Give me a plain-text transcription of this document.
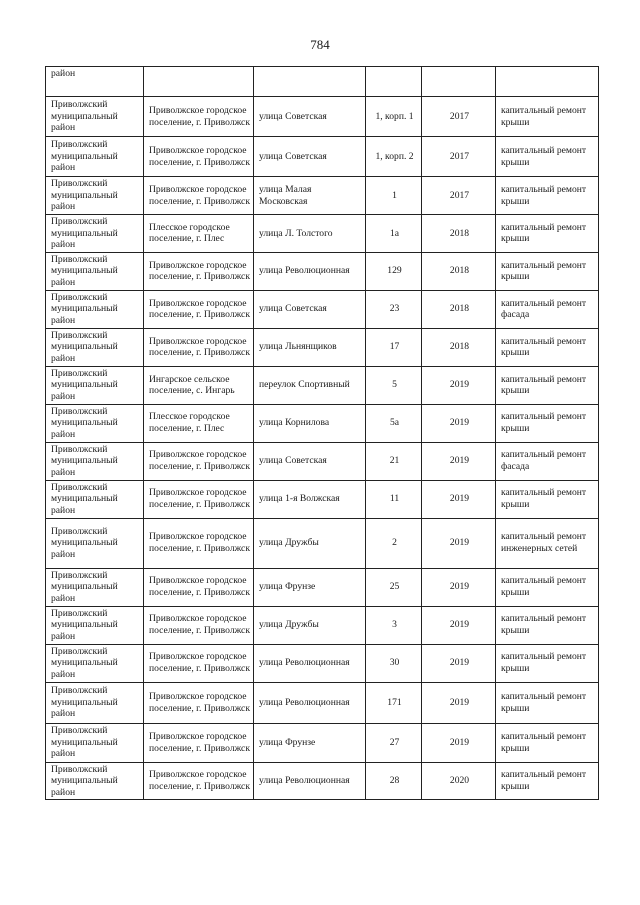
784
район					
Приволжский муниципальный район	Приволжское городское поселение, г. Приволжск	улица Советская	1, корп. 1	2017	капитальный ремонт крыши
Приволжский муниципальный район	Приволжское городское поселение, г. Приволжск	улица Советская	1, корп. 2	2017	капитальный ремонт крыши
Приволжский муниципальный район	Приволжское городское поселение, г. Приволжск	улица Малая Московская	1	2017	капитальный ремонт крыши
Приволжский муниципальный район	Плесское городское поселение, г. Плес	улица Л. Толстого	1а	2018	капитальный ремонт крыши
Приволжский муниципальный район	Приволжское городское поселение, г. Приволжск	улица Революционная	129	2018	капитальный ремонт крыши
Приволжский муниципальный район	Приволжское городское поселение, г. Приволжск	улица Советская	23	2018	капитальный ремонт фасада
Приволжский муниципальный район	Приволжское городское поселение, г. Приволжск	улица Льнянщиков	17	2018	капитальный ремонт крыши
Приволжский муниципальный район	Ингарское сельское поселение, с. Ингарь	переулок Спортивный	5	2019	капитальный ремонт крыши
Приволжский муниципальный район	Плесское городское поселение, г. Плес	улица Корнилова	5а	2019	капитальный ремонт крыши
Приволжский муниципальный район	Приволжское городское поселение, г. Приволжск	улица Советская	21	2019	капитальный ремонт фасада
Приволжский муниципальный район	Приволжское городское поселение, г. Приволжск	улица 1-я Волжская	11	2019	капитальный ремонт крыши
Приволжский муниципальный район	Приволжское городское поселение, г. Приволжск	улица Дружбы	2	2019	капитальный ремонт инженерных сетей
Приволжский муниципальный район	Приволжское городское поселение, г. Приволжск	улица Фрунзе	25	2019	капитальный ремонт крыши
Приволжский муниципальный район	Приволжское городское поселение, г. Приволжск	улица Дружбы	3	2019	капитальный ремонт крыши
Приволжский муниципальный район	Приволжское городское поселение, г. Приволжск	улица Революционная	30	2019	капитальный ремонт крыши
Приволжский муниципальный район	Приволжское городское поселение, г. Приволжск	улица Революционная	171	2019	капитальный ремонт крыши
Приволжский муниципальный район	Приволжское городское поселение, г. Приволжск	улица Фрунзе	27	2019	капитальный ремонт крыши
Приволжский муниципальный район	Приволжское городское поселение, г. Приволжск	улица Революционная	28	2020	капитальный ремонт крыши
